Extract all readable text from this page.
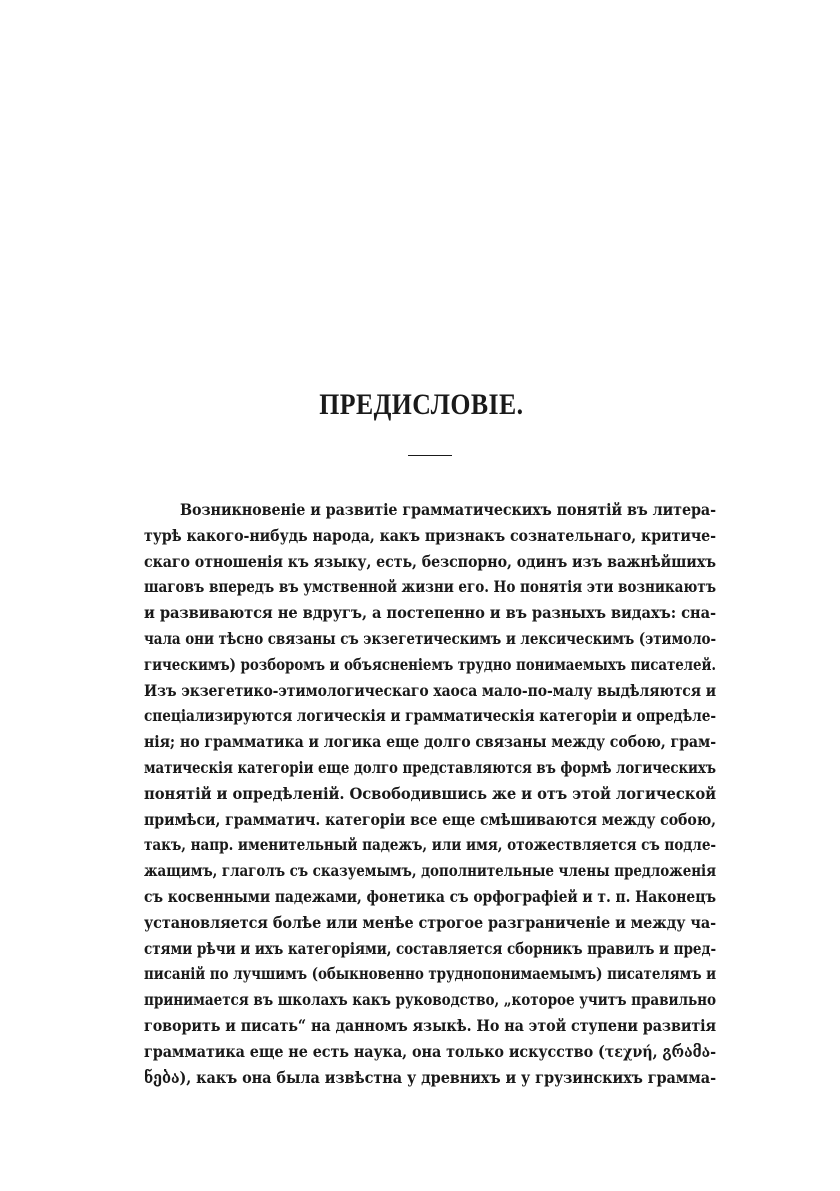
ПРЕДИСЛОВІЕ.
Возникновеніе и развитіе грамматическихъ понятій въ литера-
турѣ какого-нибудь народа, какъ признакъ сознательнаго, критиче-
скаго отношенія къ языку, есть, безспорно, одинъ изъ важнѣйшихъ
шаговъ впередъ въ умственной жизни его. Но понятія эти возникаютъ
и развиваются не вдругъ, а постепенно и въ разныхъ видахъ: сна-
чала они тѣсно связаны съ экзегетическимъ и лексическимъ (этимоло-
гическимъ) розборомъ и объясненіемъ трудно понимаемыхъ писателей.
Изъ экзегетико-этимологическаго хаоса мало-по-малу выдѣляются и
спеціализируются логическія и грамматическія категоріи и опредѣле-
нія; но грамматика и логика еще долго связаны между собою, грам-
матическія категоріи еще долго представляются въ формѣ логическихъ
понятій и опредѣленій. Освободившись же и отъ этой логической
примѣси, грамматич. категоріи все еще смѣшиваются между собою,
такъ, напр. именительный падежъ, или имя, отожествляется съ подле-
жащимъ, глаголъ съ сказуемымъ, дополнительные члены предложенія
съ косвенными падежами, фонетика съ орфографіей и т. п. Наконецъ
установляется болѣе или менѣе строгое разграниченіе и между ча-
стями рѣчи и ихъ категоріями, составляется сборникъ правилъ и пред-
писаній по лучшимъ (обыкновенно труднопонимаемымъ) писателямъ и
принимается въ школахъ какъ руководство, „которое учитъ правильно
говорить и писать“ на данномъ языкѣ. Но на этой ступени развитія
грамматика еще не есть наука, она только искусство (τεχνή, გრამა-
ნება), какъ она была извѣстна у древнихъ и у грузинскихъ грамма-
